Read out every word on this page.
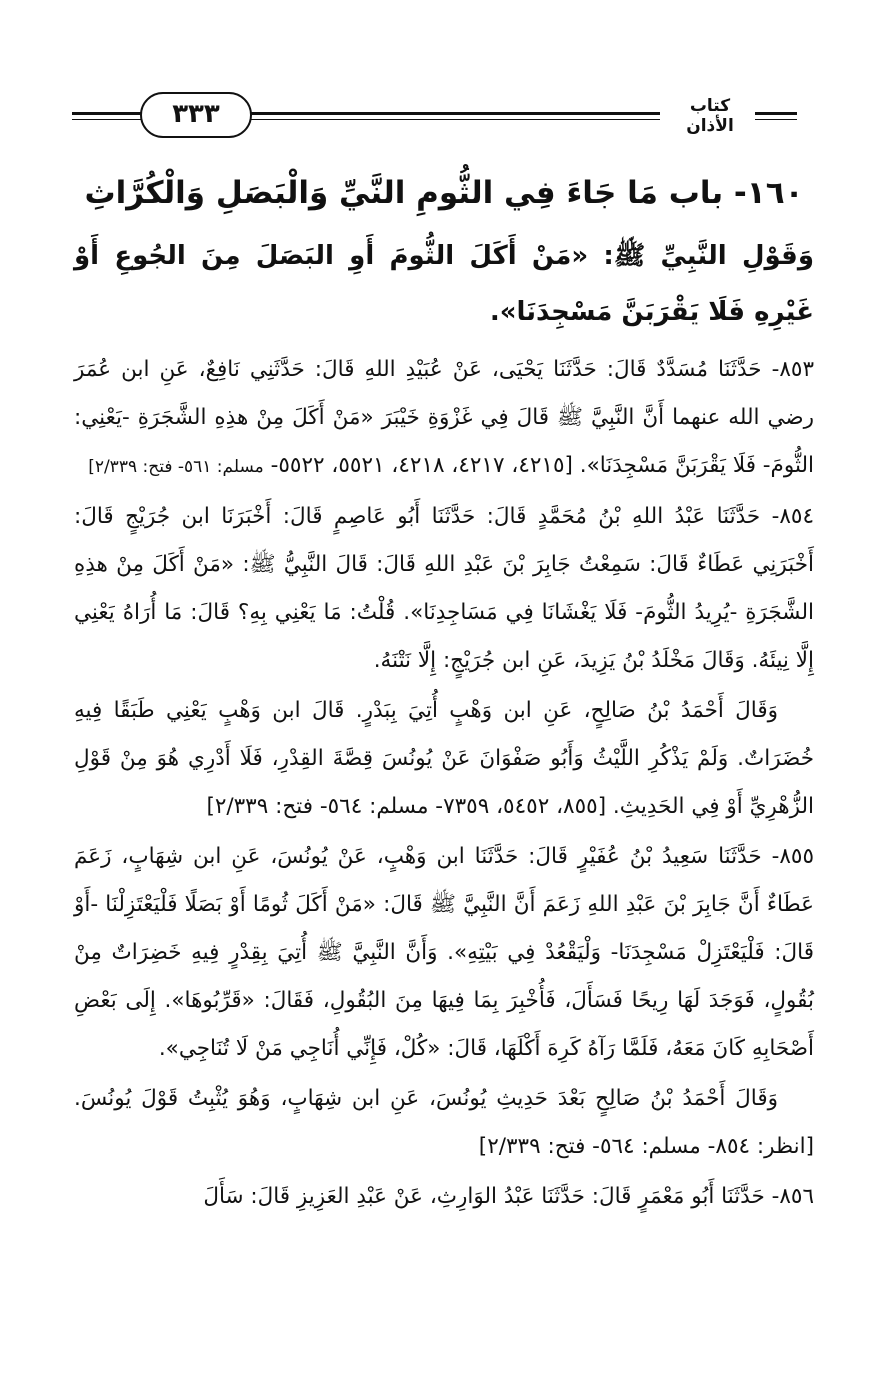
٣٣٣	كتاب الأذان
١٦٠- باب مَا جَاءَ فِي الثُّومِ النَّيِّ وَالْبَصَلِ وَالْكُرَّاثِ
وَقَوْلِ النَّبِيِّ ﷺ: «مَنْ أَكَلَ الثُّومَ أَوِ البَصَلَ مِنَ الجُوعِ أَوْ غَيْرِهِ فَلَا يَقْرَبَنَّ مَسْجِدَنَا».

٨٥٣- حَدَّثَنَا مُسَدَّدٌ قَالَ: حَدَّثَنَا يَحْيَى، عَنْ عُبَيْدِ اللهِ قَالَ: حَدَّثَنِي نَافِعٌ، عَنِ ابن عُمَرَ رضي الله عنهما أَنَّ النَّبِيَّ ﷺ قَالَ فِي غَزْوَةِ خَيْبَرَ «مَنْ أَكَلَ مِنْ هذِهِ الشَّجَرَةِ -يَعْنِي: الثُّومَ- فَلَا يَقْرَبَنَّ مَسْجِدَنَا». [٤٢١٥، ٤٢١٧، ٤٢١٨، ٥٥٢١، ٥٥٢٢- مسلم: ٥٦١- فتح: ٢/٣٣٩]

٨٥٤- حَدَّثَنَا عَبْدُ اللهِ بْنُ مُحَمَّدٍ قَالَ: حَدَّثَنَا أَبُو عَاصِمٍ قَالَ: أَخْبَرَنَا ابن جُرَيْجٍ قَالَ: أَخْبَرَنِي عَطَاءٌ قَالَ: سَمِعْتُ جَابِرَ بْنَ عَبْدِ اللهِ قَالَ: قَالَ النَّبِيُّ ﷺ: «مَنْ أَكَلَ مِنْ هذِهِ الشَّجَرَةِ -يُرِيدُ الثُّومَ- فَلَا يَغْشَانَا فِي مَسَاجِدِنَا». قُلْتُ: مَا يَعْنِي بِهِ؟ قَالَ: مَا أُرَاهُ يَعْنِي إِلَّا نِيئَهُ. وَقَالَ مَخْلَدُ بْنُ يَزِيدَ، عَنِ ابن جُرَيْجٍ: إِلَّا نَتْنَهُ.

وَقَالَ أَحْمَدُ بْنُ صَالِحٍ، عَنِ ابن وَهْبٍ أُتِيَ بِبَدْرٍ. قَالَ ابن وَهْبٍ يَعْنِي طَبَقًا فِيهِ خُضَرَاتٌ. وَلَمْ يَذْكُرِ اللَّيْثُ وَأَبُو صَفْوَانَ عَنْ يُونُسَ قِصَّةَ القِدْرِ، فَلَا أَدْرِي هُوَ مِنْ قَوْلِ الزُّهْرِيِّ أَوْ فِي الحَدِيثِ. [٨٥٥، ٥٤٥٢، ٧٣٥٩- مسلم: ٥٦٤- فتح: ٢/٣٣٩]

٨٥٥- حَدَّثَنَا سَعِيدُ بْنُ عُفَيْرٍ قَالَ: حَدَّثَنَا ابن وَهْبٍ، عَنْ يُونُسَ، عَنِ ابن شِهَابٍ، زَعَمَ عَطَاءٌ أَنَّ جَابِرَ بْنَ عَبْدِ اللهِ زَعَمَ أَنَّ النَّبِيَّ ﷺ قَالَ: «مَنْ أَكَلَ ثُومًا أَوْ بَصَلًا فَلْيَعْتَزِلْنَا -أَوْ قَالَ: فَلْيَعْتَزِلْ مَسْجِدَنَا- وَلْيَقْعُدْ فِي بَيْتِهِ». وَأَنَّ النَّبِيَّ ﷺ أُتِيَ بِقِدْرٍ فِيهِ خَضِرَاتٌ مِنْ بُقُولٍ، فَوَجَدَ لَهَا رِيحًا فَسَأَلَ، فَأُخْبِرَ بِمَا فِيهَا مِنَ البُقُولِ، فَقَالَ: «قَرِّبُوهَا». إِلَى بَعْضِ أَصْحَابِهِ كَانَ مَعَهُ، فَلَمَّا رَآهُ كَرِهَ أَكْلَهَا، قَالَ: «كُلْ، فَإِنِّي أُنَاجِي مَنْ لَا تُنَاجِي».

وَقَالَ أَحْمَدُ بْنُ صَالِحٍ بَعْدَ حَدِيثِ يُونُسَ، عَنِ ابن شِهَابٍ، وَهُوَ يُثْبِتُ قَوْلَ يُونُسَ. [انظر: ٨٥٤- مسلم: ٥٦٤- فتح: ٢/٣٣٩]

٨٥٦- حَدَّثَنَا أَبُو مَعْمَرٍ قَالَ: حَدَّثَنَا عَبْدُ الوَارِثِ، عَنْ عَبْدِ العَزِيزِ قَالَ: سَأَلَ
